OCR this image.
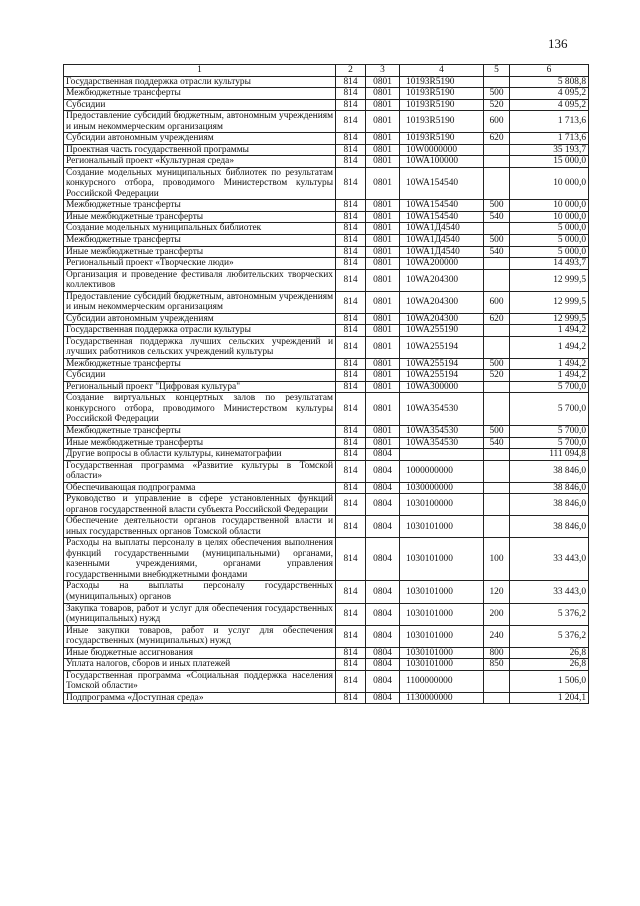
136
1	2	3	4	5	6
Государственная поддержка отрасли культуры	814	0801	10193R5190		5 808,8
Межбюджетные трансферты	814	0801	10193R5190	500	4 095,2
Субсидии	814	0801	10193R5190	520	4 095,2
Предоставление субсидий бюджетным, автономным учреждениям и иным некоммерческим организациям	814	0801	10193R5190	600	1 713,6
Субсидии автономным учреждениям	814	0801	10193R5190	620	1 713,6
Проектная часть государственной программы	814	0801	10W0000000		35 193,7
Региональный проект «Культурная среда»	814	0801	10WA100000		15 000,0
Создание модельных муниципальных библиотек по результатам конкурсного отбора, проводимого Министерством культуры Российской Федерации	814	0801	10WA154540		10 000,0
Межбюджетные трансферты	814	0801	10WA154540	500	10 000,0
Иные межбюджетные трансферты	814	0801	10WA154540	540	10 000,0
Создание модельных муниципальных библиотек	814	0801	10WA1Д4540		5 000,0
Межбюджетные трансферты	814	0801	10WA1Д4540	500	5 000,0
Иные межбюджетные трансферты	814	0801	10WA1Д4540	540	5 000,0
Региональный проект «Творческие люди»	814	0801	10WA200000		14 493,7
Организация и проведение фестиваля любительских творческих коллективов	814	0801	10WA204300		12 999,5
Предоставление субсидий бюджетным, автономным учреждениям и иным некоммерческим организациям	814	0801	10WA204300	600	12 999,5
Субсидии автономным учреждениям	814	0801	10WA204300	620	12 999,5
Государственная поддержка отрасли культуры	814	0801	10WA255190		1 494,2
Государственная поддержка лучших сельских учреждений и лучших работников сельских учреждений культуры	814	0801	10WA255194		1 494,2
Межбюджетные трансферты	814	0801	10WA255194	500	1 494,2
Субсидии	814	0801	10WA255194	520	1 494,2
Региональный проект "Цифровая культура"	814	0801	10WA300000		5 700,0
Создание виртуальных концертных залов по результатам конкурсного отбора, проводимого Министерством культуры Российской Федерации	814	0801	10WA354530		5 700,0
Межбюджетные трансферты	814	0801	10WA354530	500	5 700,0
Иные межбюджетные трансферты	814	0801	10WA354530	540	5 700,0
Другие вопросы в области культуры, кинематографии	814	0804			111 094,8
Государственная программа «Развитие культуры в Томской области»	814	0804	1000000000		38 846,0
Обеспечивающая подпрограмма	814	0804	1030000000		38 846,0
Руководство и управление в сфере установленных функций органов государственной власти субъекта Российской Федерации	814	0804	1030100000		38 846,0
Обеспечение деятельности органов государственной власти и иных государственных органов Томской области	814	0804	1030101000		38 846,0
Расходы на выплаты персоналу в целях обеспечения выполнения функций государственными (муниципальными) органами, казенными учреждениями, органами управления государственными внебюджетными фондами	814	0804	1030101000	100	33 443,0
Расходы на выплаты персоналу государственных (муниципальных) органов	814	0804	1030101000	120	33 443,0
Закупка товаров, работ и услуг для обеспечения государственных (муниципальных) нужд	814	0804	1030101000	200	5 376,2
Иные закупки товаров, работ и услуг для обеспечения государственных (муниципальных) нужд	814	0804	1030101000	240	5 376,2
Иные бюджетные ассигнования	814	0804	1030101000	800	26,8
Уплата налогов, сборов и иных платежей	814	0804	1030101000	850	26,8
Государственная программа «Социальная поддержка населения Томской области»	814	0804	1100000000		1 506,0
Подпрограмма «Доступная среда»	814	0804	1130000000		1 204,1
